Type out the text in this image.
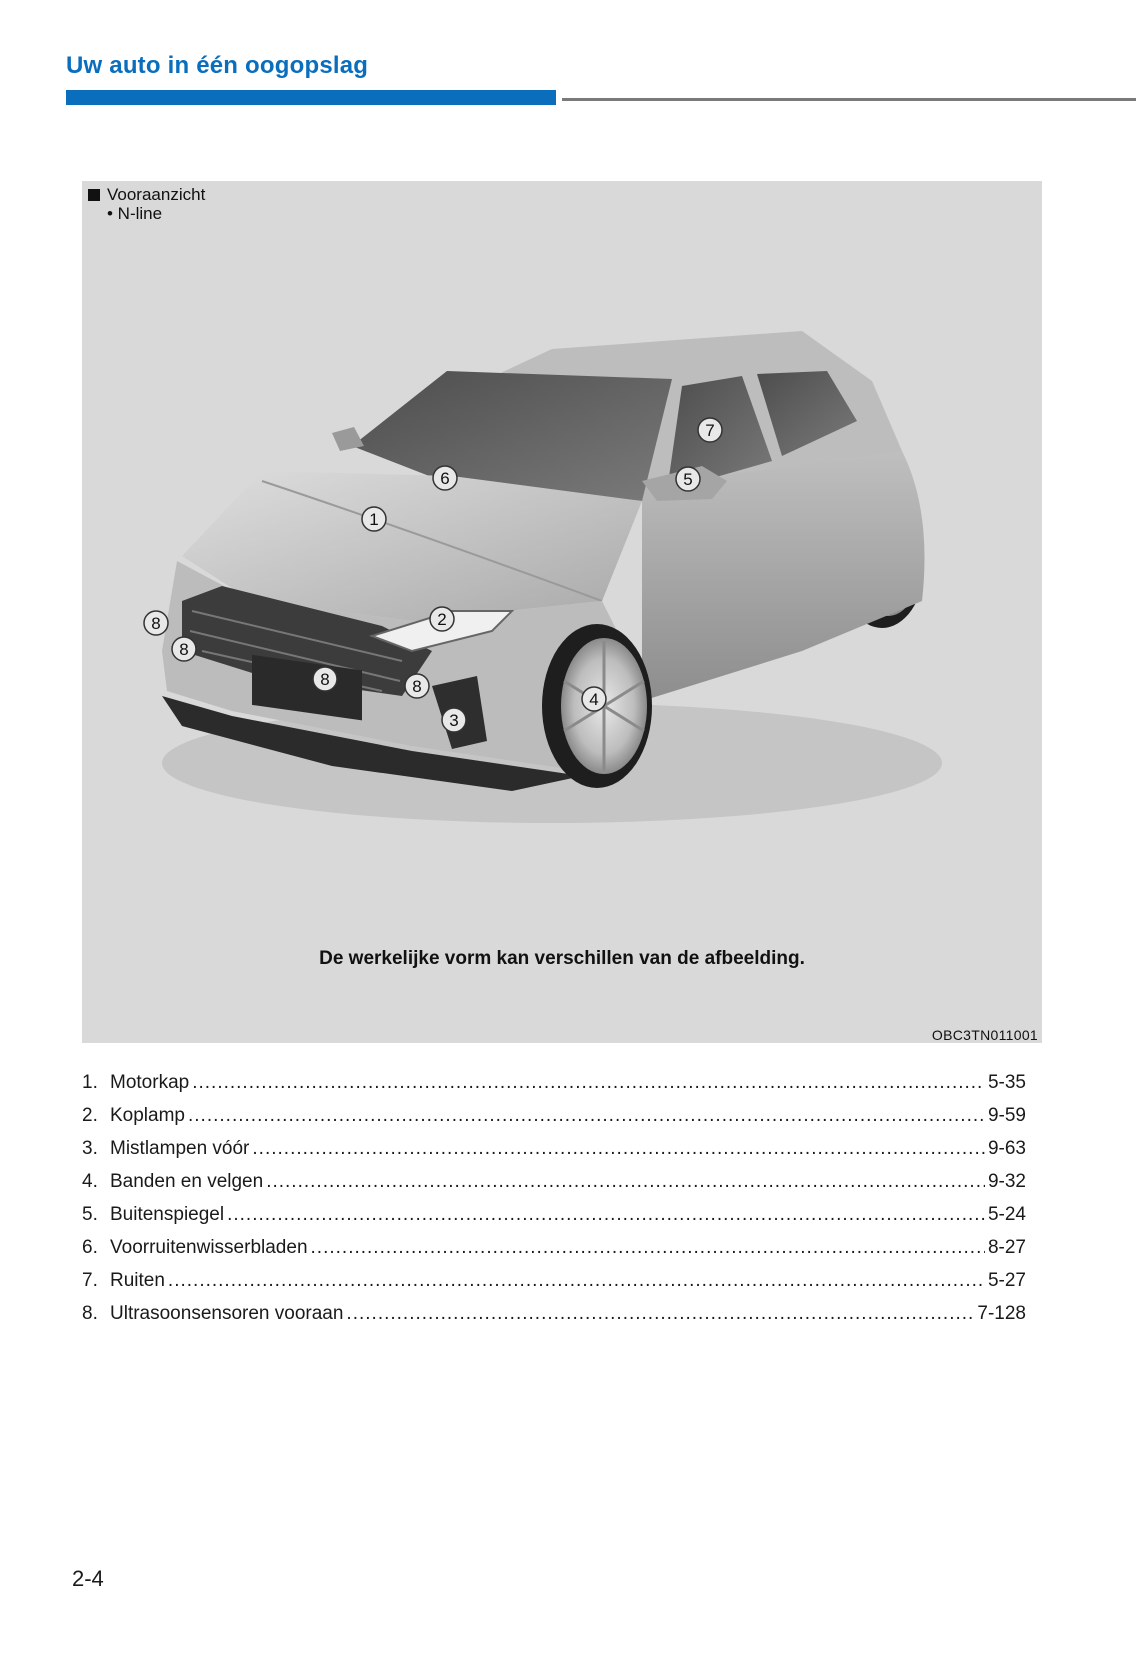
Uw auto in één oogopslag
Vooraanzicht
• N-line
1
2
3
4
5
6
7
8
8
8	8
De werkelijke vorm kan verschillen van de afbeelding.
OBC3TN011001
1. Motorkap .....	5-35
2. Koplamp .....	9-59
3. Mistlampen vóór .....	9-63
4. Banden en velgen .....	9-32
5. Buitenspiegel .....	5-24
6. Voorruitenwisserbladen .....	8-27
7. Ruiten .....	5-27
8. Ultrasoonsensoren vooraan .....	7-128
2-4
